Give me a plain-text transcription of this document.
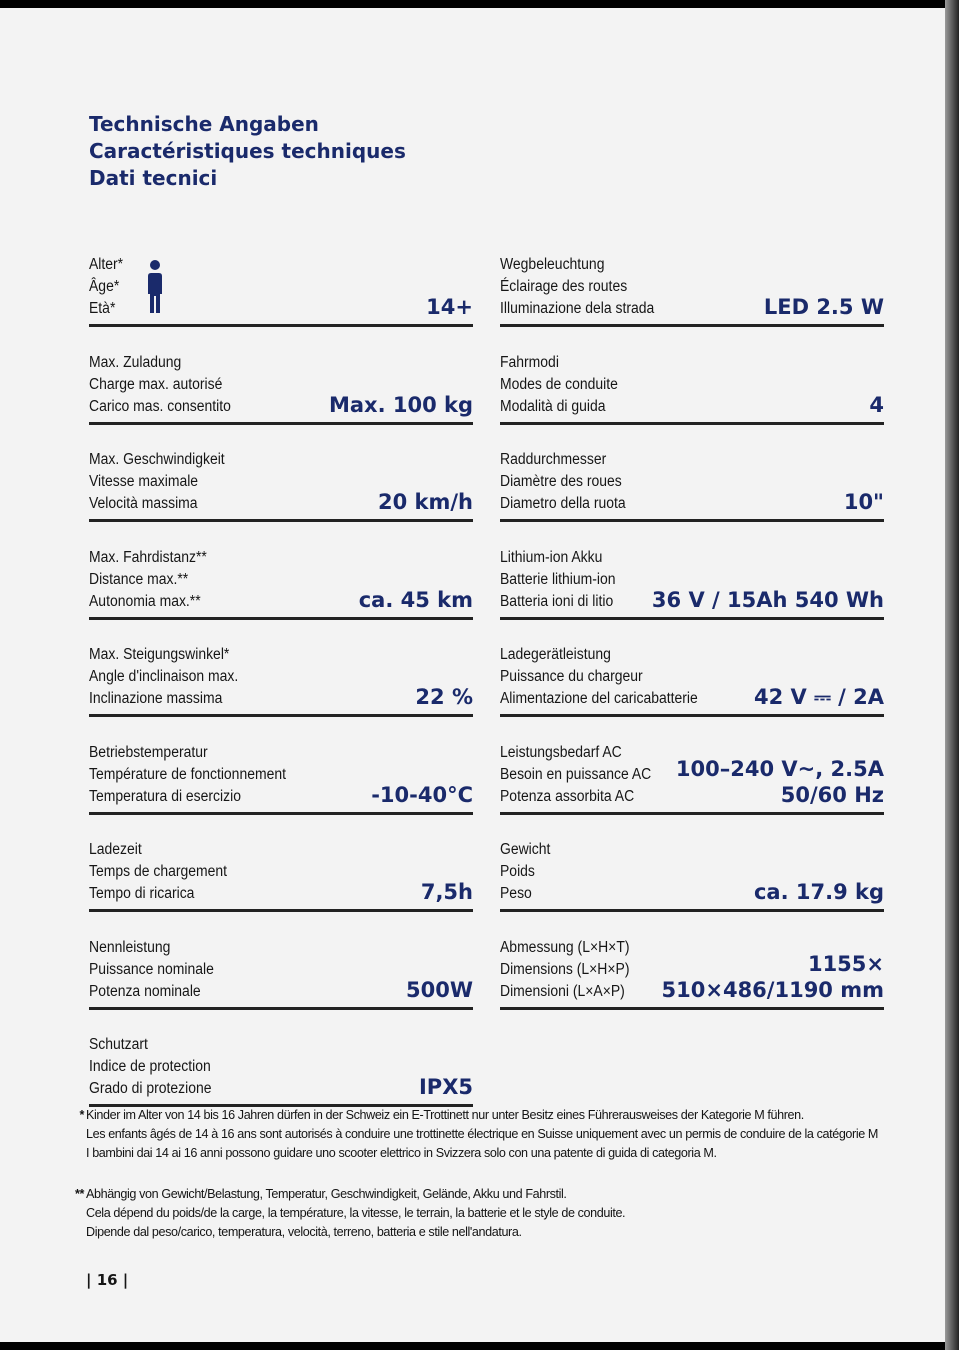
Technische Angaben
Caractéristiques techniques
Dati tecnici
Alter*
Âge*
Età*	14+
Max. Zuladung
Charge max. autorisé
Carico mas. consentito	Max. 100 kg
Max. Geschwindigkeit
Vitesse maximale
Velocità massima	20 km/h
Max. Fahrdistanz**
Distance max.**
Autonomia max.**	ca. 45 km
Max. Steigungswinkel*
Angle d'inclinaison max.
Inclinazione massima	22 %
Betriebstemperatur
Température de fonctionnement
Temperatura di esercizio	-10-40°C
Ladezeit
Temps de chargement
Tempo di ricarica	7,5h
Nennleistung
Puissance nominale
Potenza nominale	500W
Schutzart
Indice de protection
Grado di protezione	IPX5
Wegbeleuchtung
Éclairage des routes
Illuminazione dela strada	LED 2.5 W
Fahrmodi
Modes de conduite
Modalità di guida	4
Raddurchmesser
Diamètre des roues
Diametro della ruota	10"
Lithium-ion Akku
Batterie lithium-ion
Batteria ioni di litio 36 V / 15Ah 540 Wh
Ladegerätleistung
Puissance du chargeur
Alimentazione del caricabatterie	42 V ⎓ / 2A
Leistungsbedarf AC
Besoin en puissance AC
Potenza assorbita AC
100–240 V~, 2.5A
50/60 Hz
Gewicht
Poids
Peso	ca. 17.9 kg
Abmessung (L×H×T)
Dimensions (L×H×P)
Dimensioni (L×A×P)
1155×
510×486/1190 mm
* Kinder im Alter von 14 bis 16 Jahren dürfen in der Schweiz ein E-Trottinett nur unter Besitz eines Führerausweises der Kategorie M führen.
Les enfants âgés de 14 à 16 ans sont autorisés à conduire une trottinette électrique en Suisse uniquement avec un permis de conduire de la catégorie M
I bambini dai 14 ai 16 anni possono guidare uno scooter elettrico in Svizzera solo con una patente di guida di categoria M.
** Abhängig von Gewicht/Belastung, Temperatur, Geschwindigkeit, Gelände, Akku und Fahrstil.
Cela dépend du poids/de la carge, la température, la vitesse, le terrain, la batterie et le style de conduite.
Dipende dal peso/carico, temperatura, velocità, terreno, batteria e stile nell'andatura.
| 16 |
